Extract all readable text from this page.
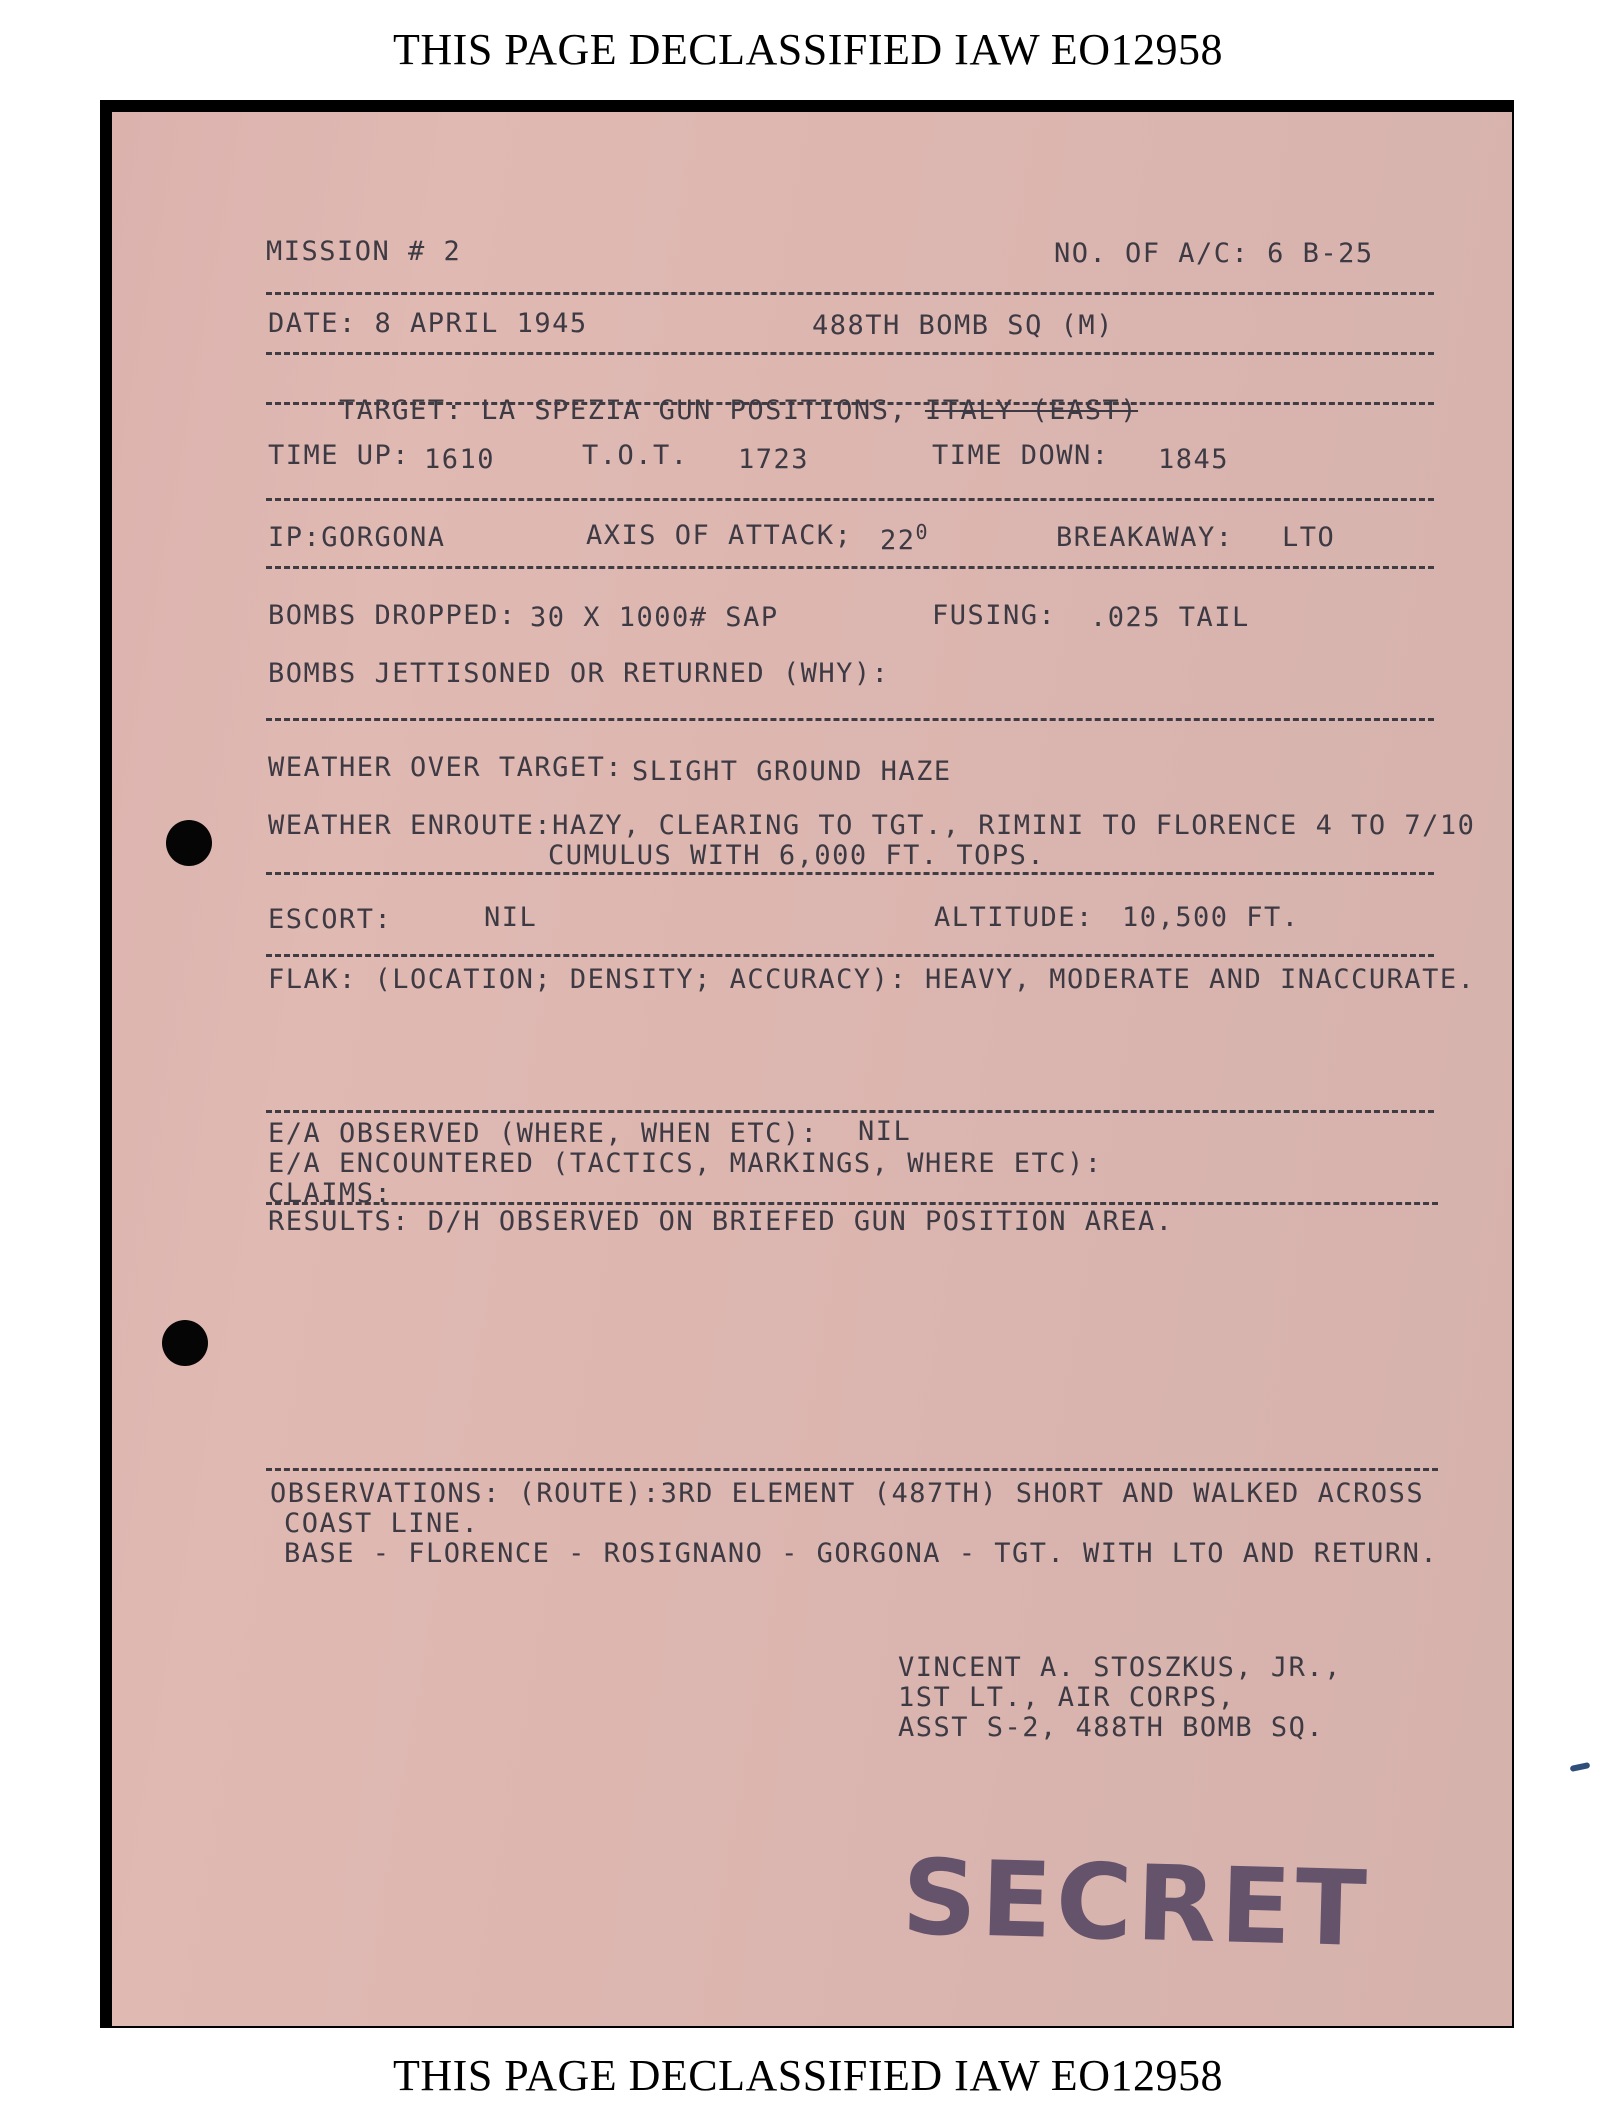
THIS PAGE DECLASSIFIED IAW EO12958
MISSION # 2	NO. OF A/C: 6 B-25
DATE: 8 APRIL 1945	488TH BOMB SQ (M)

TARGET: LA SPEZIA GUN POSITIONS, ITALY (EAST)

TIME UP: 1610	T.O.T. 1723	TIME DOWN: 1845
IP:GORGONA	AXIS OF ATTACK; $22^0$	BREAKAWAY: LTO
BOMBS DROPPED: 30 X 1000# SAP	FUSING: .025 TAIL
BOMBS JETTISONED OR RETURNED (WHY):
WEATHER OVER TARGET: SLIGHT GROUND HAZE
WEATHER ENROUTE:HAZY, CLEARING TO TGT., RIMINI TO FLORENCE 4 TO 7/10
CUMULUS WITH 6,000 FT. TOPS.
ESCORT:	NIL	ALTITUDE: 10,500 FT.
FLAK: (LOCATION; DENSITY; ACCURACY): HEAVY, MODERATE AND INACCURATE.
E/A OBSERVED (WHERE, WHEN ETC): NIL
E/A ENCOUNTERED (TACTICS, MARKINGS, WHERE ETC):
CLAIMS:
RESULTS: D/H OBSERVED ON BRIEFED GUN POSITION AREA.
OBSERVATIONS: (ROUTE):3RD ELEMENT (487TH) SHORT AND WALKED ACROSS
COAST LINE.
BASE - FLORENCE - ROSIGNANO - GORGONA - TGT. WITH LTO AND RETURN.
VINCENT A. STOSZKUS, JR.,
1ST LT., AIR CORPS,
ASST S-2, 488TH BOMB SQ.
SECRET
THIS PAGE DECLASSIFIED IAW EO12958
